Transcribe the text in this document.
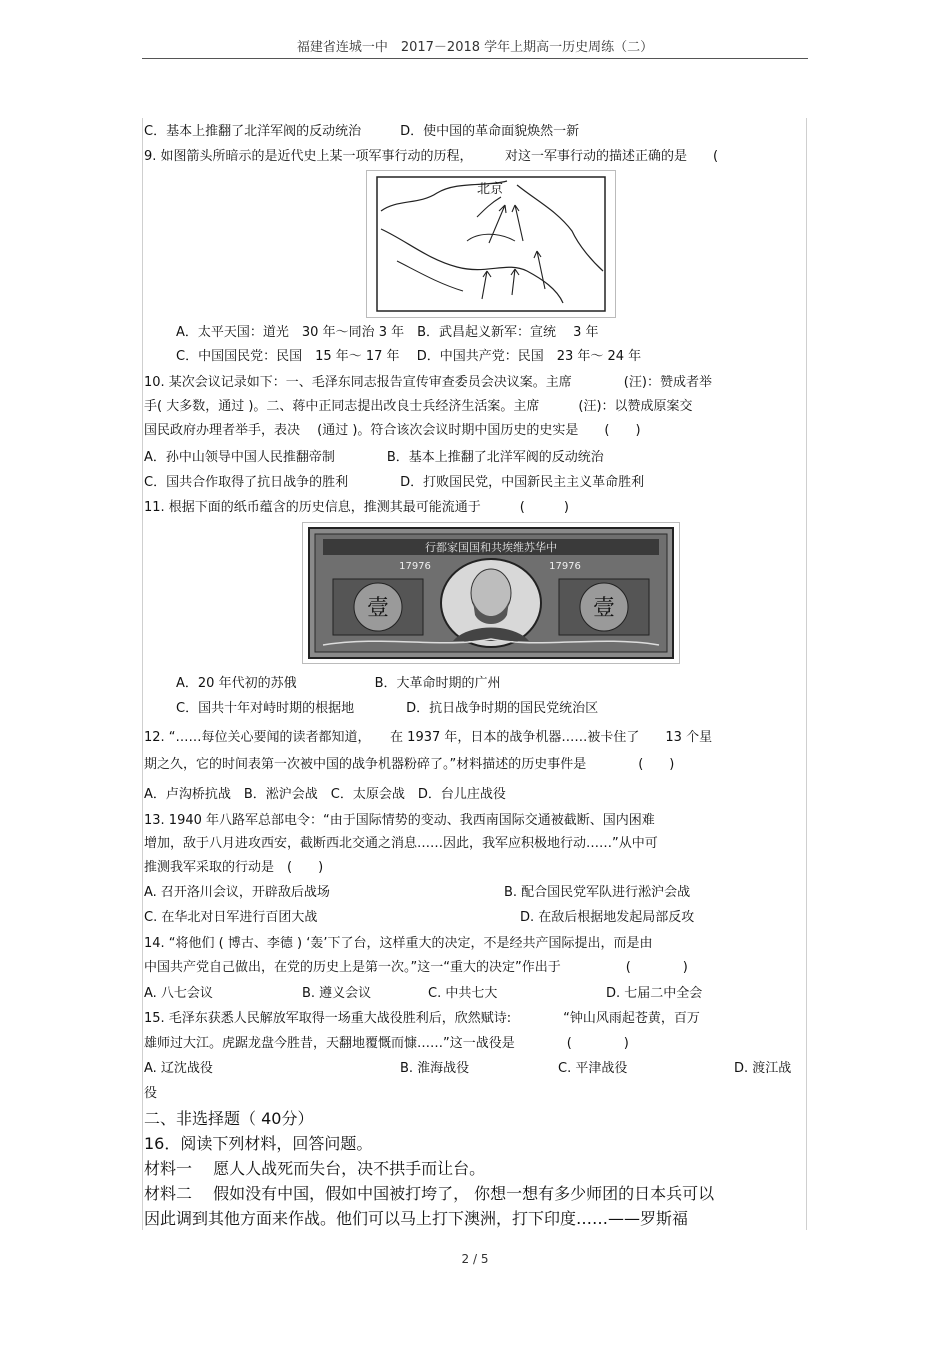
福建省连城一中　2017－2018 学年上期高一历史周练（二）
C．基本上推翻了北洋军阀的反动统治　　　D．使中国的革命面貌焕然一新
9. 如图箭头所暗示的是近代史上某一项军事行动的历程，　　　对这一军事行动的描述正确的是　　(
北京
A．太平天国：道光　30 年～同治 3 年　B．武昌起义新军：宣统　 3 年
C．中国国民党：民国　15 年～ 17 年　 D．中国共产党：民国　23 年～ 24 年
10. 某次会议记录如下：一、毛泽东同志报告宣传审查委员会决议案。主席　　　　(汪)：赞成者举
手( 大多数，通过 )。二、蒋中正同志提出改良士兵经济生活案。主席　　　(汪)：以赞成原案交
国民政府办理者举手，表决　 (通过 )。符合该次会议时期中国历史的史实是　　(　　)
A．孙中山领导中国人民推翻帝制　　　　B．基本上推翻了北洋军阀的反动统治
C．国共合作取得了抗日战争的胜利　　　　D．打败国民党，中国新民主主义革命胜利
11. 根据下面的纸币蕴含的历史信息，推测其最可能流通于　　　(　　　)
行都家国国和共埃维苏华中
17976	17976
壹	壹
A．20 年代初的苏俄　　　　　　B．大革命时期的广州
C．国共十年对峙时期的根据地　　　　D．抗日战争时期的国民党统治区
12. “……每位关心要闻的读者都知道，　　在 1937 年，日本的战争机器……被卡住了　　13 个星
期之久，它的时间表第一次被中国的战争机器粉碎了。”材料描述的历史事件是　　　　(　　)
A．卢沟桥抗战　B．淞沪会战　C．太原会战　D．台儿庄战役
13. 1940 年八路军总部电令：“由于国际情势的变动、我西南国际交通被截断、国内困难
增加，敌于八月进攻西安，截断西北交通之消息……因此，我军应积极地行动……”从中可
推测我军采取的行动是　(　　)
A. 召开洛川会议，开辟敌后战场	B. 配合国民党军队进行淞沪会战
C. 在华北对日军进行百团大战	D. 在敌后根据地发起局部反攻
14. “将他们 ( 博古、李德 ) ‘轰’下了台，这样重大的决定，不是经共产国际提出，而是由
中国共产党自己做出，在党的历史上是第一次。”这一“重大的决定”作出于　　　　　(　　　　)
A. 八七会议	B. 遵义会议	C. 中共七大	D. 七届二中全会
15. 毛泽东获悉人民解放军取得一场重大战役胜利后，欣然赋诗:　　　　“钟山风雨起苍黄，百万
雄师过大江。虎踞龙盘今胜昔，天翻地覆慨而慷……”这一战役是　　　　(　　　　)
A. 辽沈战役	B. 淮海战役	C. 平津战役	D. 渡江战
役
二、非选择题（ 40分）
16．阅读下列材料，回答问题。
材料一　 愿人人战死而失台，决不拱手而让台。
材料二　 假如没有中国，假如中国被打垮了， 你想一想有多少师团的日本兵可以
因此调到其他方面来作战。他们可以马上打下澳洲，打下印度……——罗斯福
2 / 5
